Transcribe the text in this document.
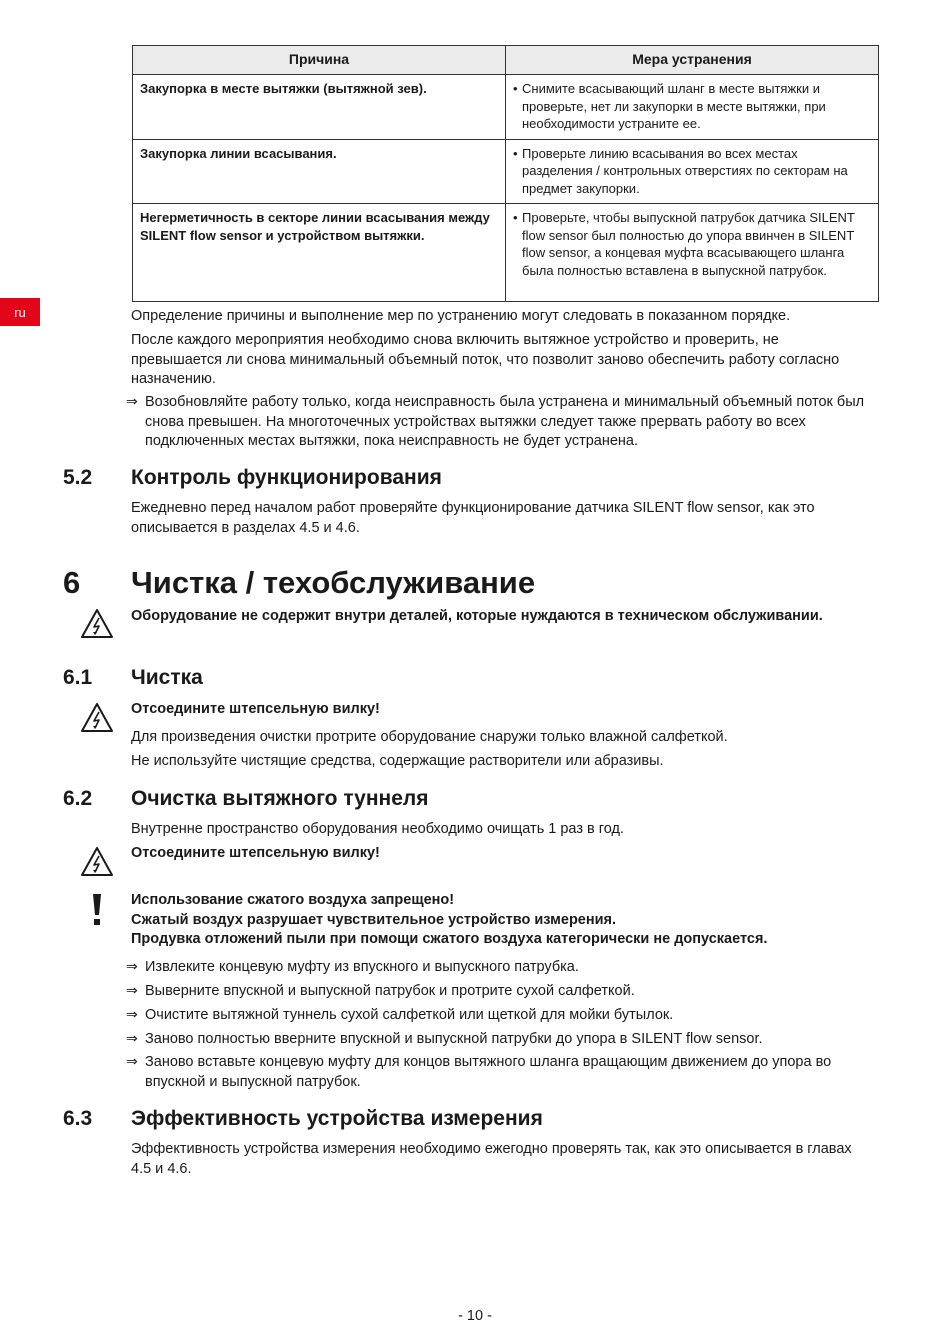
ru
Причина	Мера устранения
Закупорка в месте вытяжки (вытяжной зев).	• Снимите всасывающий шланг в месте вытяжки и проверьте, нет ли закупорки в месте вытяжки, при необходимости устраните ее.

Закупорка линии всасывания.	• Проверьте линию всасывания во всех местах разделения / контрольных отверстиях по секторам на предмет закупорки.

Негерметичность в секторе линии всасывания между SILENT flow sensor и устройством вытяжки.	• Проверьте, чтобы выпускной патрубок датчика SILENT flow sensor был полностью до упора ввинчен в SILENT flow sensor, а концевая муфта всасывающего шланга была полностью вставлена в выпускной патрубок.
Определение причины и выполнение мер по устранению могут следовать в показанном порядке.
После каждого мероприятия необходимо снова включить вытяжное устройство и проверить, не превышается ли снова минимальный объемный поток, что позволит заново обеспечить работу согласно назначению.
⇒ Возобновляйте работу только, когда неисправность была устранена и минимальный объемный поток был снова превышен. На многоточечных устройствах вытяжки следует также прервать работу во всех подключенных местах вытяжки, пока неисправность не будет устранена.
5.2 Контроль функционирования
Ежедневно перед началом работ проверяйте функционирование датчика SILENT flow sensor, как это описывается в разделах 4.5 и 4.6.
6 Чистка / техобслуживание
Оборудование не содержит внутри деталей, которые нуждаются в техническом обслуживании.
6.1 Чистка
Отсоедините штепсельную вилку!
Для произведения очистки протрите оборудование снаружи только влажной салфеткой.
Не используйте чистящие средства, содержащие растворители или абразивы.
6.2 Очистка вытяжного туннеля
Внутренне пространство оборудования необходимо очищать 1 раз в год.
Отсоедините штепсельную вилку!
Использование сжатого воздуха запрещено!
Сжатый воздух разрушает чувствительное устройство измерения.
Продувка отложений пыли при помощи сжатого воздуха категорически не допускается.
⇒ Извлеките концевую муфту из впускного и выпускного патрубка.
⇒ Выверните впускной и выпускной патрубок и протрите сухой салфеткой.
⇒ Очистите вытяжной туннель сухой салфеткой или щеткой для мойки бутылок.
⇒ Заново полностью вверните впускной и выпускной патрубки до упора в SILENT flow sensor.
⇒ Заново вставьте концевую муфту для концов вытяжного шланга вращающим движением до упора во впускной и выпускной патрубок.
6.3 Эффективность устройства измерения
Эффективность устройства измерения необходимо ежегодно проверять так, как это описывается в главах 4.5 и 4.6.
- 10 -
